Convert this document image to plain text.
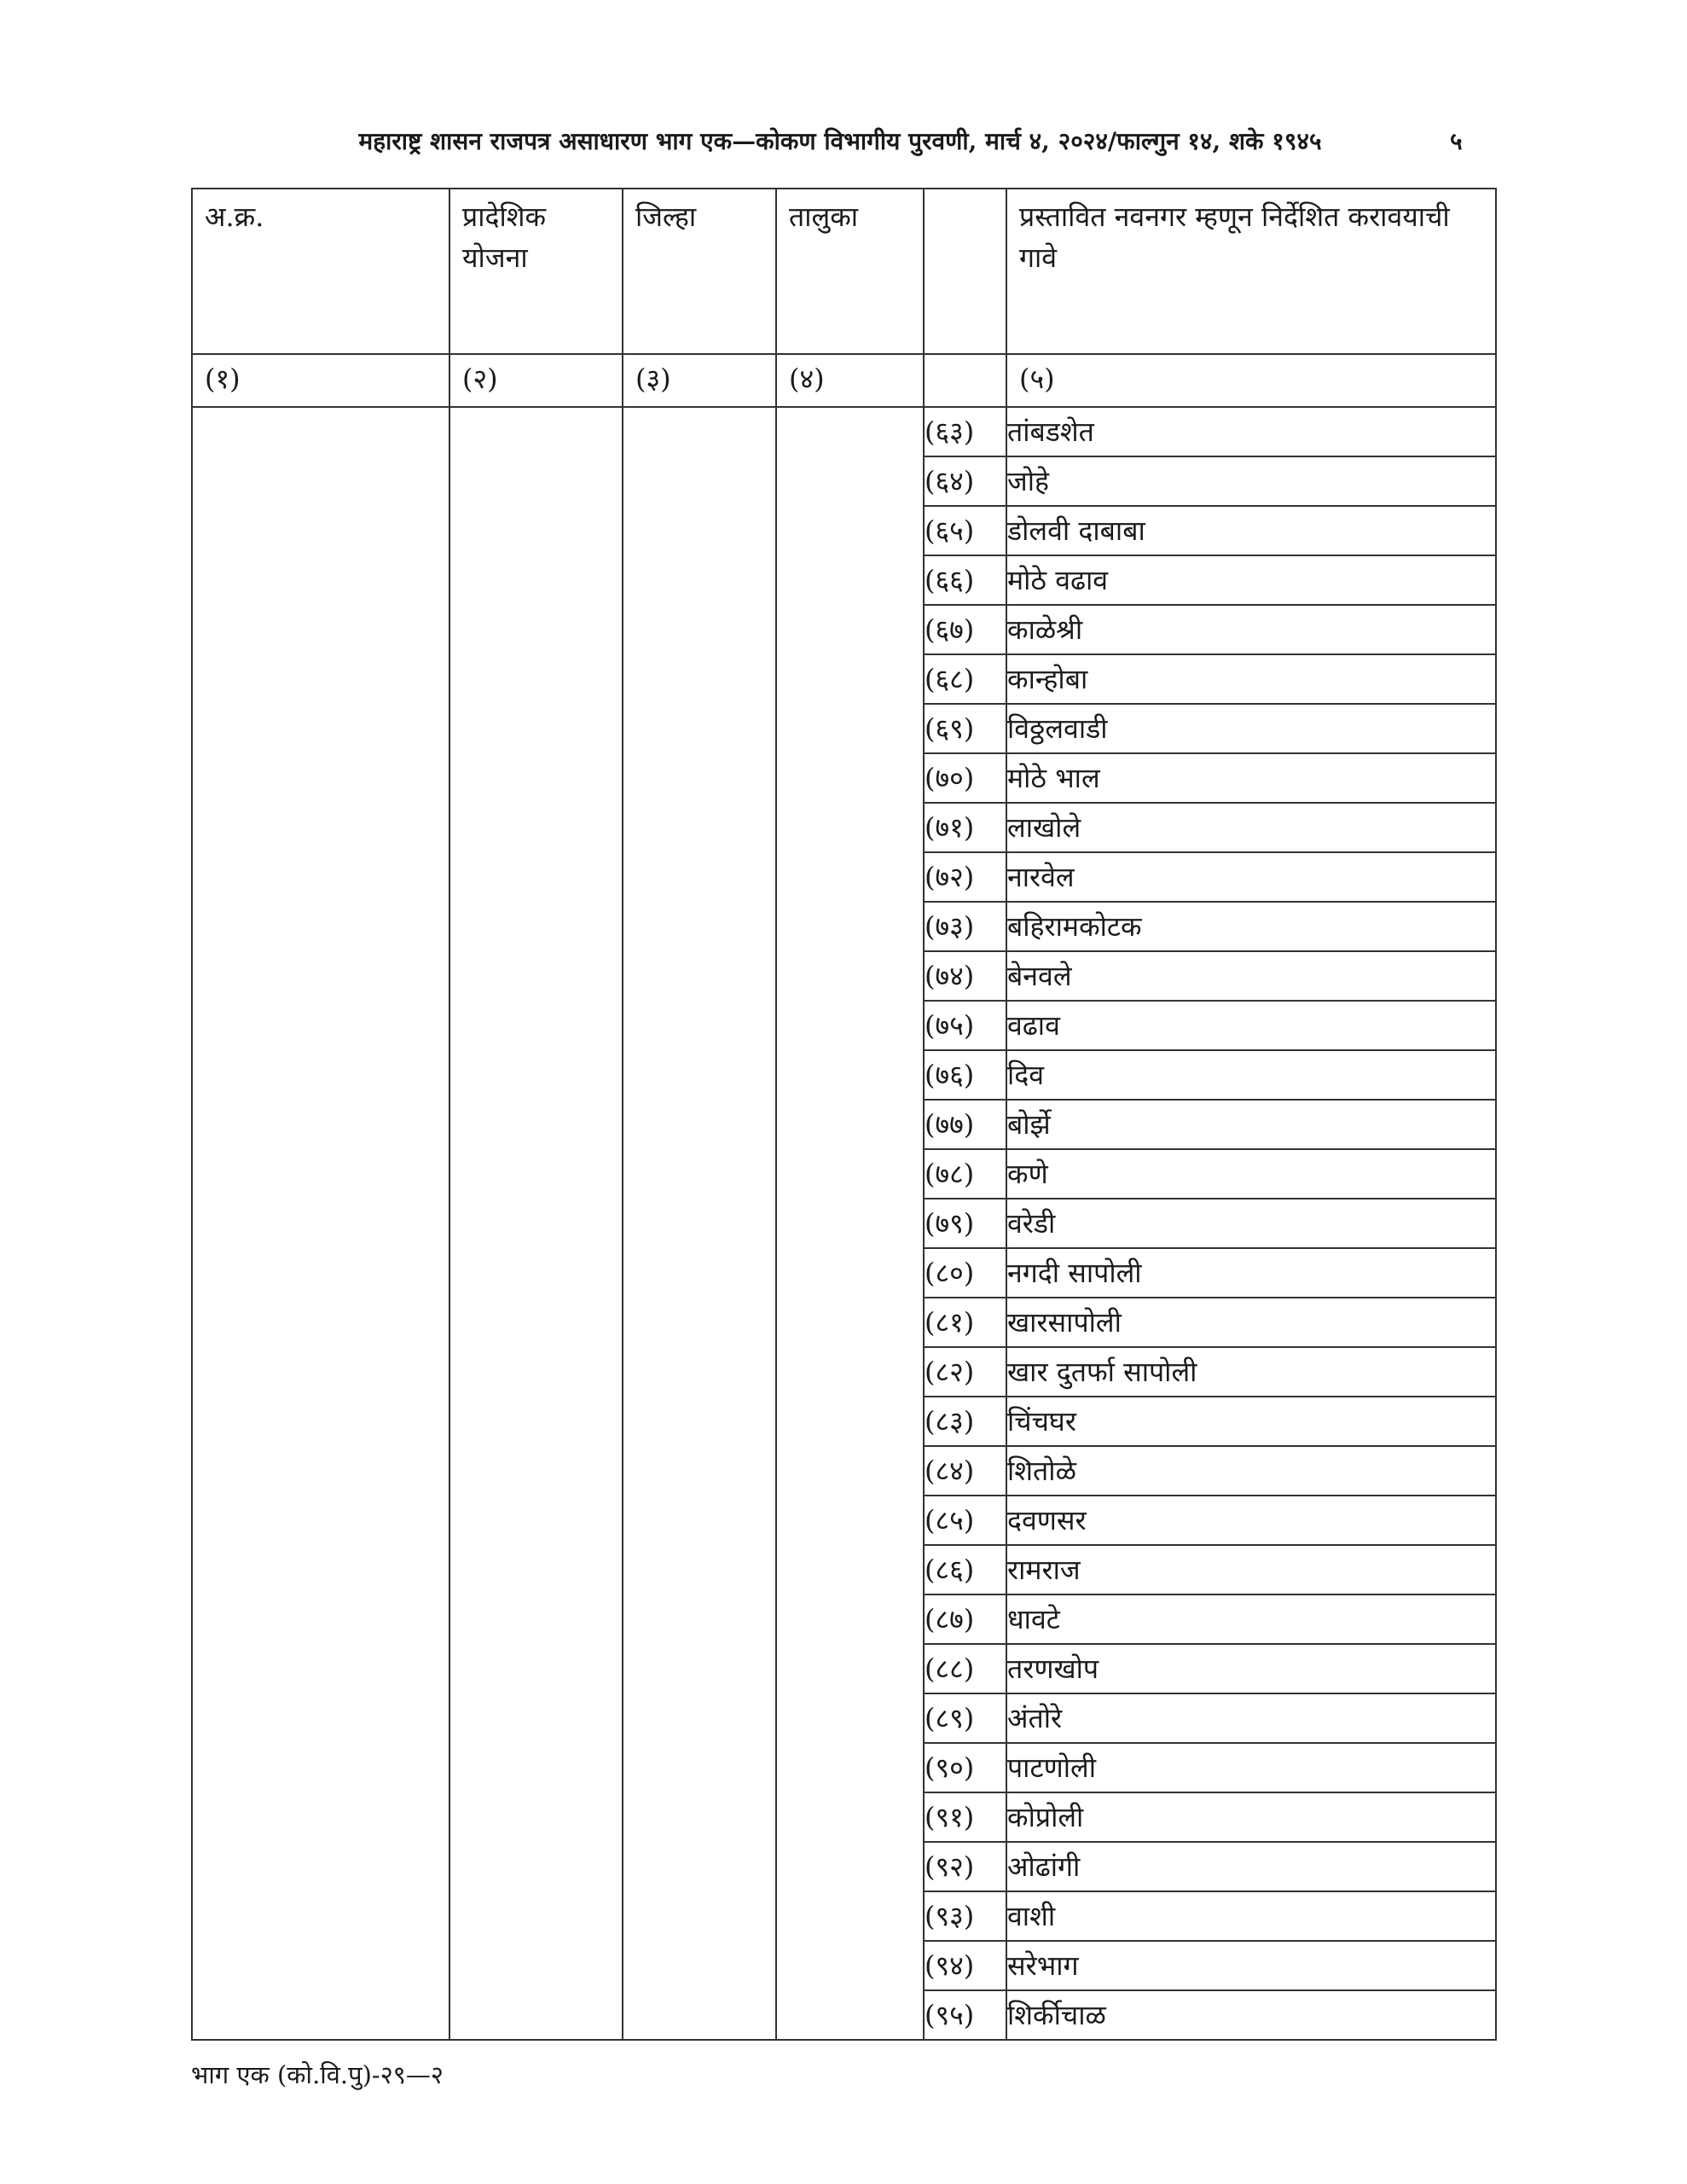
महाराष्ट्र शासन राजपत्र असाधारण भाग एक—कोकण विभागीय पुरवणी, मार्च ४, २०२४/फाल्गुन १४, शके १९४५	५
अ.क्र.	प्रादेशिक योजना	जिल्हा	तालुका		प्रस्तावित नवनगर म्हणून निर्देशित करावयाची गावे
(१)	(२)	(३)	(४)		(५)
				(६३)	तांबडशेत
				(६४)	जोहे
				(६५)	डोलवी दाबाबा
				(६६)	मोठे वढाव
				(६७)	काळेश्री
				(६८)	कान्होबा
				(६९)	विठ्ठलवाडी
				(७०)	मोठे भाल
				(७१)	लाखोले
				(७२)	नारवेल
				(७३)	बहिरामकोटक
				(७४)	बेनवले
				(७५)	वढाव
				(७६)	दिव
				(७७)	बोर्झे
				(७८)	कणे
				(७९)	वरेडी
				(८०)	नगदी सापोली
				(८१)	खारसापोली
				(८२)	खार दुतर्फा सापोली
				(८३)	चिंचघर
				(८४)	शितोळे
				(८५)	दवणसर
				(८६)	रामराज
				(८७)	धावटे
				(८८)	तरणखोप
				(८९)	अंतोरे
				(९०)	पाटणोली
				(९१)	कोप्रोली
				(९२)	ओढांगी
				(९३)	वाशी
				(९४)	सरेभाग
				(९५)	शिर्कीचाळ
भाग एक (को.वि.पु)-२९—२
